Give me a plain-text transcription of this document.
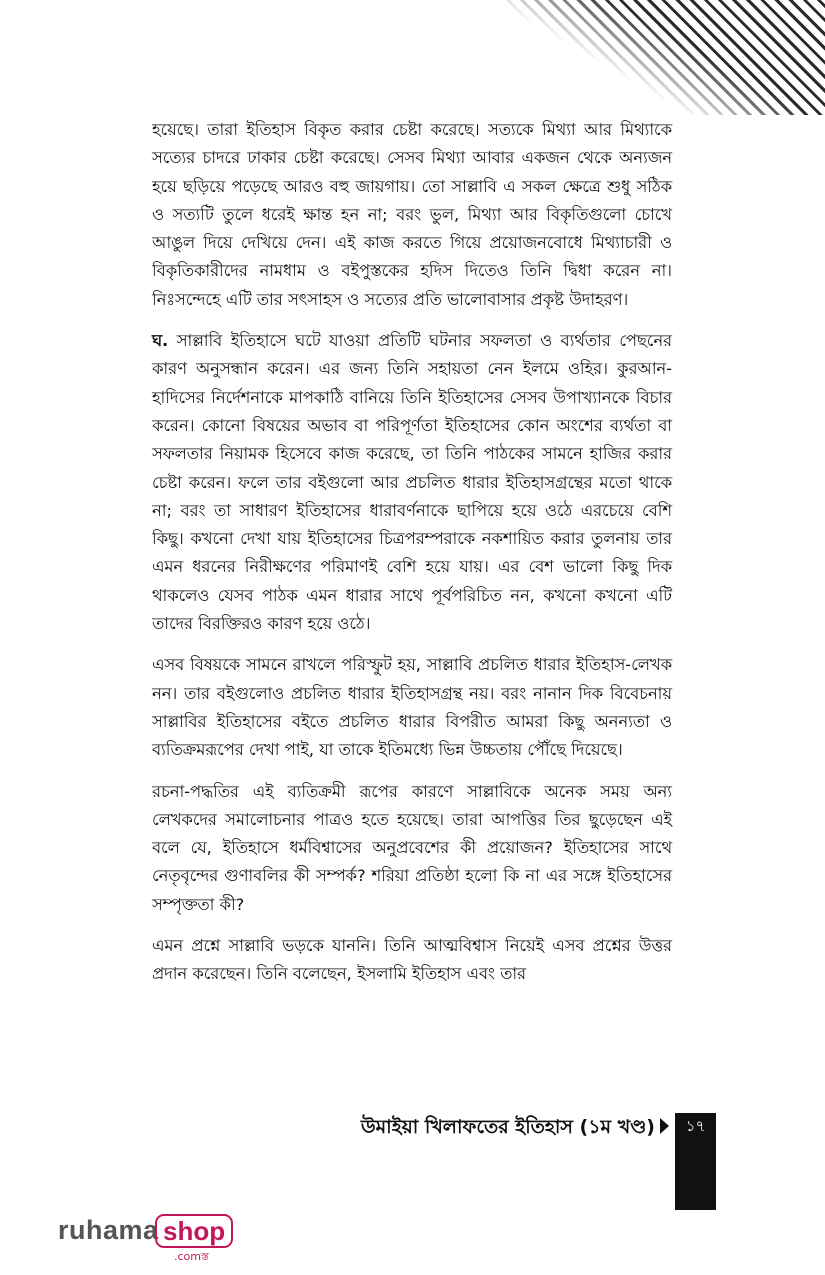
হয়েছে। তারা ইতিহাস বিকৃত করার চেষ্টা করেছে। সত্যকে মিথ্যা আর মিথ্যাকে সত্যের চাদরে ঢাকার চেষ্টা করেছে। সেসব মিথ্যা আবার একজন থেকে অন্যজন হয়ে ছড়িয়ে পড়েছে আরও বহু জায়গায়। তো সাল্লাবি এ সকল ক্ষেত্রে শুধু সঠিক ও সত্যটি তুলে ধরেই ক্ষান্ত হন না; বরং ভুল, মিথ্যা আর বিকৃতিগুলো চোখে আঙুল দিয়ে দেখিয়ে দেন। এই কাজ করতে গিয়ে প্রয়োজনবোধে মিথ্যাচারী ও বিকৃতিকারীদের নামধাম ও বইপুস্তকের হদিস দিতেও তিনি দ্বিধা করেন না। নিঃসন্দেহে এটি তার সৎসাহস ও সত্যের প্রতি ভালোবাসার প্রকৃষ্ট উদাহরণ।

ঘ. সাল্লাবি ইতিহাসে ঘটে যাওয়া প্রতিটি ঘটনার সফলতা ও ব্যর্থতার পেছনের কারণ অনুসন্ধান করেন। এর জন্য তিনি সহায়তা নেন ইলমে ওহির। কুরআন-হাদিসের নির্দেশনাকে মাপকাঠি বানিয়ে তিনি ইতিহাসের সেসব উপাখ্যানকে বিচার করেন। কোনো বিষয়ের অভাব বা পরিপূর্ণতা ইতিহাসের কোন অংশের ব্যর্থতা বা সফলতার নিয়ামক হিসেবে কাজ করেছে, তা তিনি পাঠকের সামনে হাজির করার চেষ্টা করেন। ফলে তার বইগুলো আর প্রচলিত ধারার ইতিহাসগ্রন্থের মতো থাকে না; বরং তা সাধারণ ইতিহাসের ধারাবর্ণনাকে ছাপিয়ে হয়ে ওঠে এরচেয়ে বেশি কিছু। কখনো দেখা যায় ইতিহাসের চিত্রপরম্পরাকে নকশায়িত করার তুলনায় তার এমন ধরনের নিরীক্ষণের পরিমাণই বেশি হয়ে যায়। এর বেশ ভালো কিছু দিক থাকলেও যেসব পাঠক এমন ধারার সাথে পূর্বপরিচিত নন, কখনো কখনো এটি তাদের বিরক্তিরও কারণ হয়ে ওঠে।

এসব বিষয়কে সামনে রাখলে পরিস্ফুট হয়, সাল্লাবি প্রচলিত ধারার ইতিহাস-লেখক নন। তার বইগুলোও প্রচলিত ধারার ইতিহাসগ্রন্থ নয়। বরং নানান দিক বিবেচনায় সাল্লাবির ইতিহাসের বইতে প্রচলিত ধারার বিপরীত আমরা কিছু অনন্যতা ও ব্যতিক্রমরূপের দেখা পাই, যা তাকে ইতিমধ্যে ভিন্ন উচ্চতায় পৌঁছে দিয়েছে।

রচনা-পদ্ধতির এই ব্যতিক্রমী রূপের কারণে সাল্লাবিকে অনেক সময় অন্য লেখকদের সমালোচনার পাত্রও হতে হয়েছে। তারা আপত্তির তির ছুড়েছেন এই বলে যে, ইতিহাসে ধর্মবিশ্বাসের অনুপ্রবেশের কী প্রয়োজন? ইতিহাসের সাথে নেতৃবৃন্দের গুণাবলির কী সম্পর্ক? শরিয়া প্রতিষ্ঠা হলো কি না এর সঙ্গে ইতিহাসের সম্পৃক্ততা কী?

এমন প্রশ্নে সাল্লাবি ভড়কে যাননি। তিনি আত্মবিশ্বাস নিয়েই এসব প্রশ্নের উত্তর প্রদান করেছেন। তিনি বলেছেন, ইসলামি ইতিহাস এবং তার

উমাইয়া খিলাফতের ইতিহাস (১ম খণ্ড)	১৭
ruhama shop
.comস্ত
